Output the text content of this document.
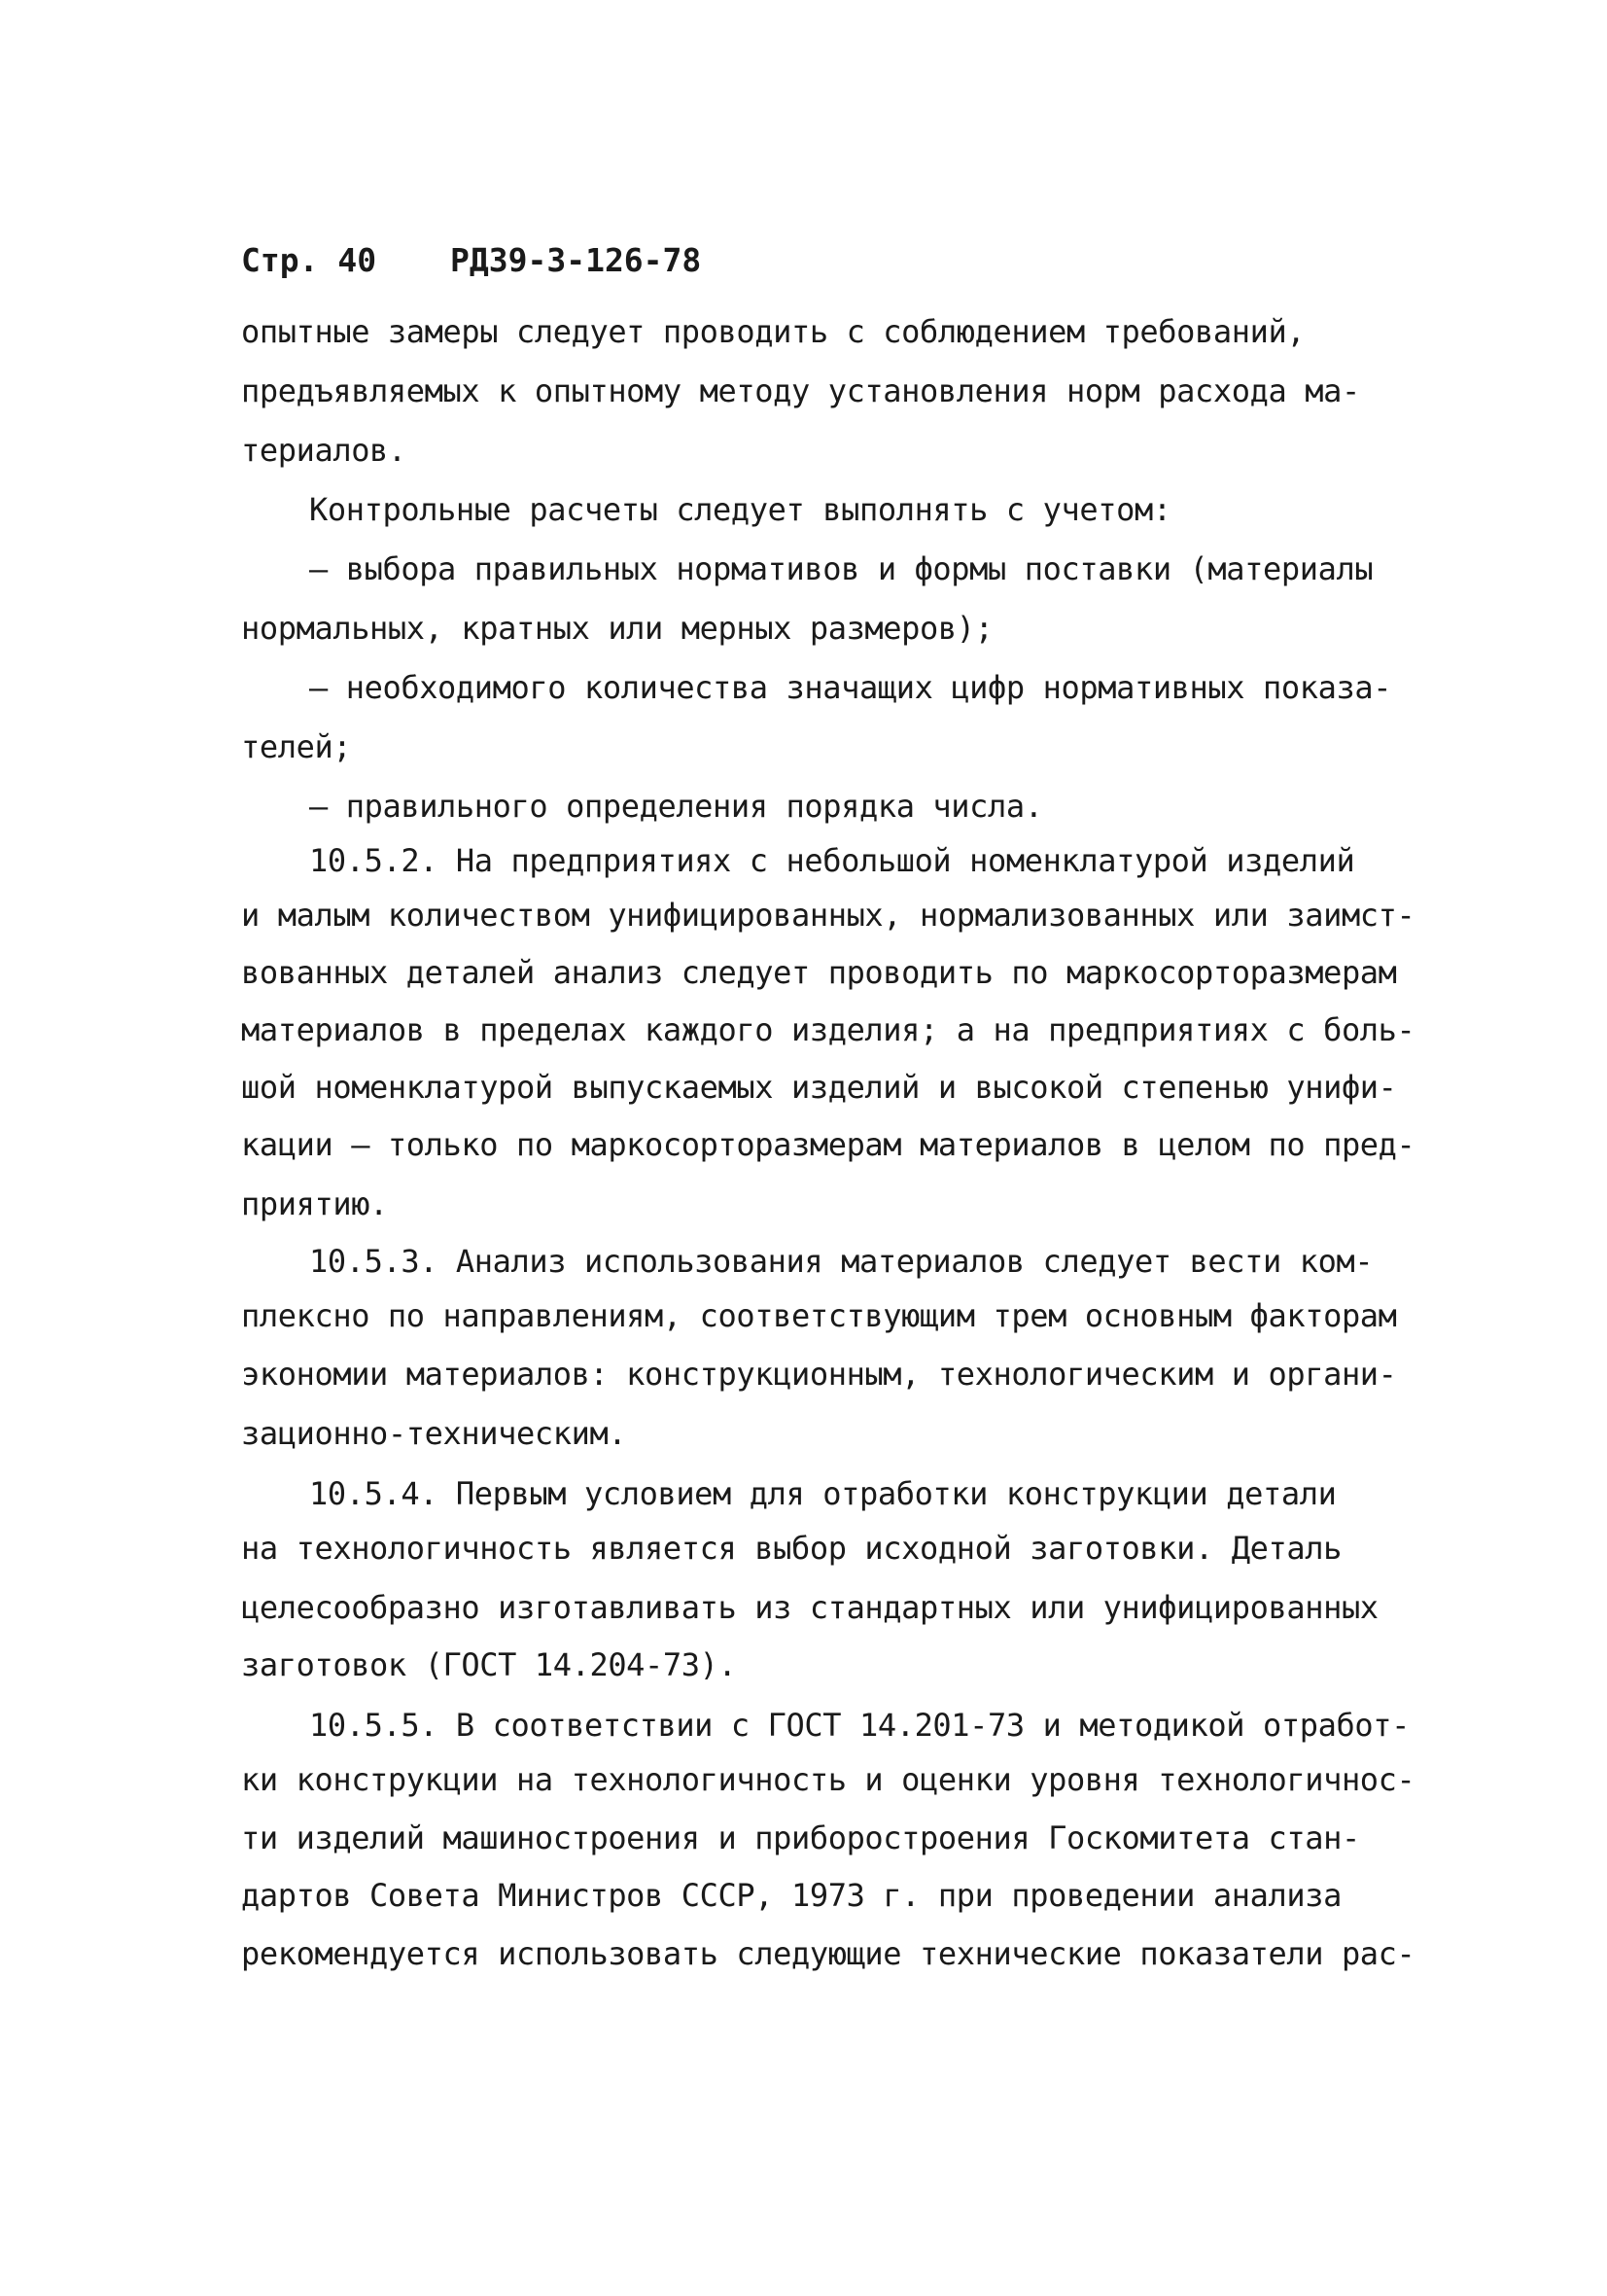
Стр. 40 РД39-3-126-78
опытные замеры следует проводить с соблюдением требований,
предъявляемых к опытному методу установления норм расхода ма-
териалов.
Контрольные расчеты следует выполнять с учетом:
– выбора правильных нормативов и формы поставки (материалы
нормальных, кратных или мерных размеров);
– необходимого количества значащих цифр нормативных показа-
телей;
– правильного определения порядка числа.
10.5.2. На предприятиях с небольшой номенклатурой изделий
и малым количеством унифицированных, нормализованных или заимст-
вованных деталей анализ следует проводить по маркосорторазмерам
материалов в пределах каждого изделия; а на предприятиях с боль-
шой номенклатурой выпускаемых изделий и высокой степенью унифи-
кации – только по маркосорторазмерам материалов в целом по пред-
приятию.
10.5.3. Анализ использования материалов следует вести ком-
плексно по направлениям, соответствующим трем основным факторам
экономии материалов: конструкционным, технологическим и органи-
зационно-техническим.
10.5.4. Первым условием для отработки конструкции детали
на технологичность является выбор исходной заготовки. Деталь
целесообразно изготавливать из стандартных или унифицированных
заготовок (ГОСТ 14.204-73).
10.5.5. В соответствии с ГОСТ 14.201-73 и методикой отработ-
ки конструкции на технологичность и оценки уровня технологичнос-
ти изделий машиностроения и приборостроения Госкомитета стан-
дартов Совета Министров СССР, 1973 г. при проведении анализа
рекомендуется использовать следующие технические показатели рас-
